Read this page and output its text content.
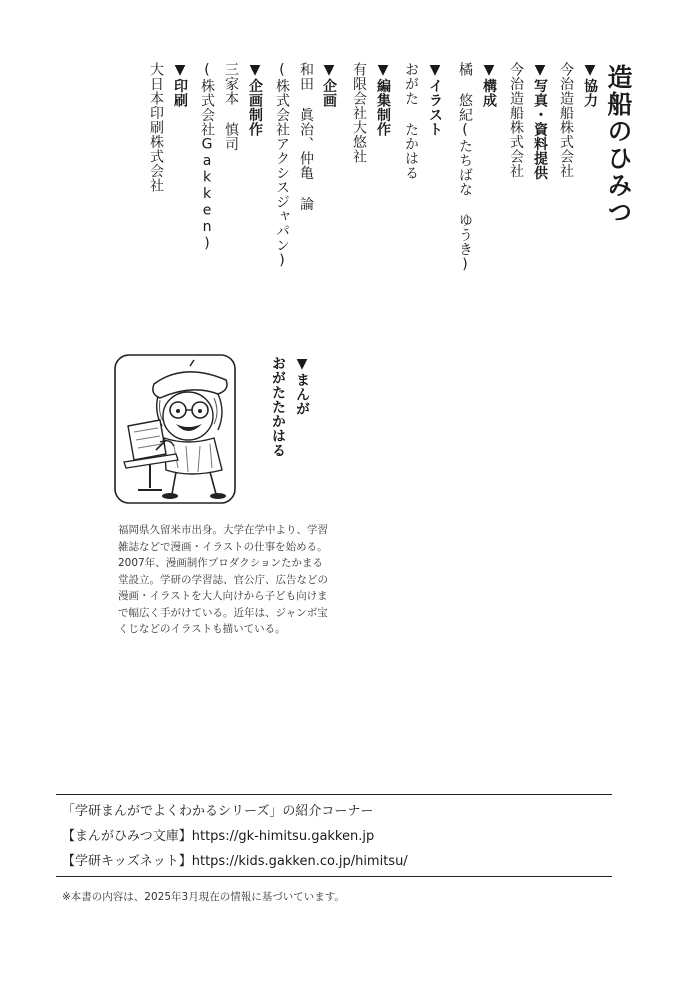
造船のひみつ
▼協力
今治造船株式会社
▼写真・資料提供
今治造船株式会社
▼構成
橘 悠紀(たちばな ゆうき)
▼イラスト
おがた たかはる
▼編集制作
有限会社大悠社
▼企画
和田 眞治、仲亀 論
(株式会社アクシスジャパン)
▼企画制作
三家本 慎司
(株式会社Gakken)
▼印刷
大日本印刷株式会社
▼まんが
おがたたかはる
福岡県久留米市出身。大学在学中より、学習雑誌などで漫画・イラストの仕事を始める。2007年、漫画制作プロダクションたかまる堂設立。学研の学習誌、官公庁、広告などの漫画・イラストを大人向けから子ども向けまで幅広く手がけている。近年は、ジャンボ宝くじなどのイラストも描いている。
「学研まんがでよくわかるシリーズ」の紹介コーナー
【まんがひみつ文庫】https://gk-himitsu.gakken.jp
【学研キッズネット】https://kids.gakken.co.jp/himitsu/
※本書の内容は、2025年3月現在の情報に基づいています。
